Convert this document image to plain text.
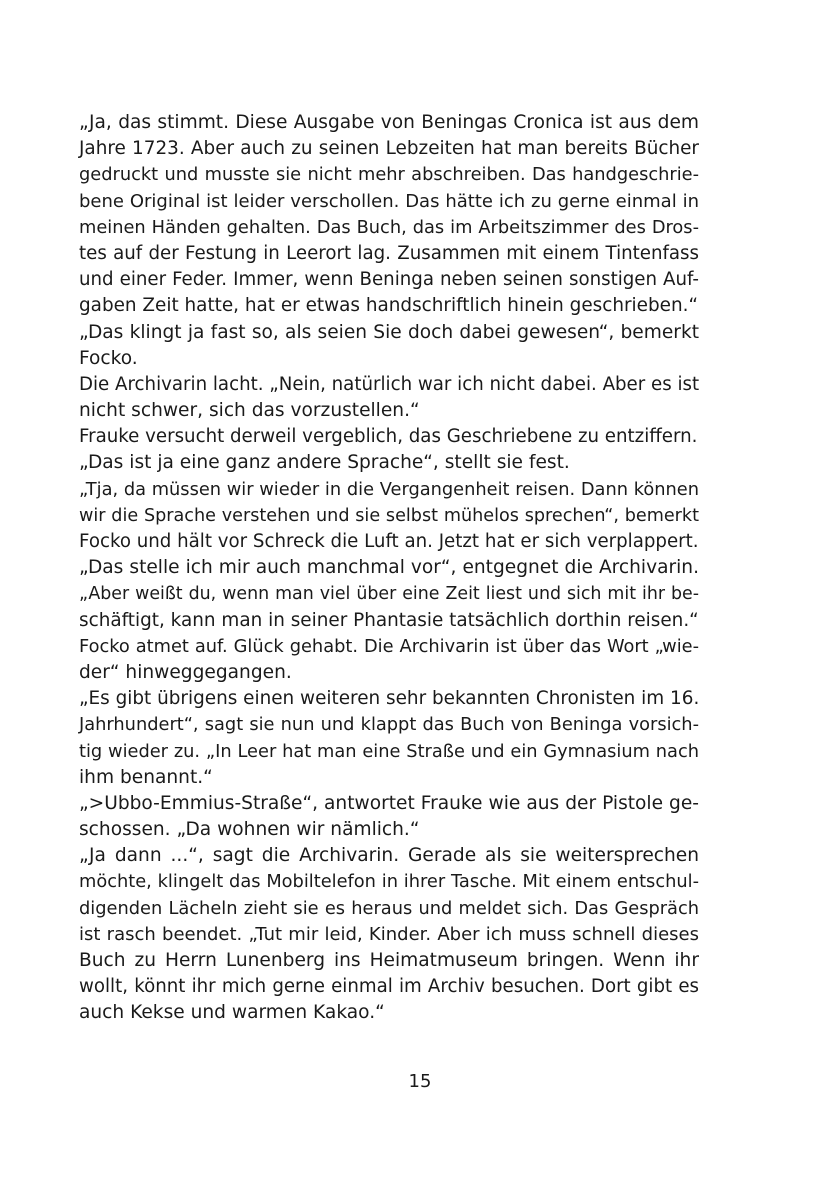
„Ja, das stimmt. Diese Ausgabe von Beningas Cronica ist aus dem
Jahre 1723. Aber auch zu seinen Lebzeiten hat man bereits Bücher
gedruckt und musste sie nicht mehr abschreiben. Das handgeschrie-
bene Original ist leider verschollen. Das hätte ich zu gerne einmal in
meinen Händen gehalten. Das Buch, das im Arbeitszimmer des Dros-
tes auf der Festung in Leerort lag. Zusammen mit einem Tintenfass
und einer Feder. Immer, wenn Beninga neben seinen sonstigen Auf-
gaben Zeit hatte, hat er etwas handschriftlich hinein geschrieben.“
„Das klingt ja fast so, als seien Sie doch dabei gewesen“, bemerkt
Focko.
Die Archivarin lacht. „Nein, natürlich war ich nicht dabei. Aber es ist
nicht schwer, sich das vorzustellen.“
Frauke versucht derweil vergeblich, das Geschriebene zu entziffern.
„Das ist ja eine ganz andere Sprache“, stellt sie fest.
„Tja, da müssen wir wieder in die Vergangenheit reisen. Dann können
wir die Sprache verstehen und sie selbst mühelos sprechen“, bemerkt
Focko und hält vor Schreck die Luft an. Jetzt hat er sich verplappert.
„Das stelle ich mir auch manchmal vor“, entgegnet die Archivarin.
„Aber weißt du, wenn man viel über eine Zeit liest und sich mit ihr be-
schäftigt, kann man in seiner Phantasie tatsächlich dorthin reisen.“
Focko atmet auf. Glück gehabt. Die Archivarin ist über das Wort „wie-
der“ hinweggegangen.
„Es gibt übrigens einen weiteren sehr bekannten Chronisten im 16.
Jahrhundert“, sagt sie nun und klappt das Buch von Beninga vorsich-
tig wieder zu. „In Leer hat man eine Straße und ein Gymnasium nach
ihm benannt.“
„>Ubbo-Emmius-Straße“, antwortet Frauke wie aus der Pistole ge-
schossen. „Da wohnen wir nämlich.“
„Ja dann ...“, sagt die Archivarin. Gerade als sie weitersprechen
möchte, klingelt das Mobiltelefon in ihrer Tasche. Mit einem entschul-
digenden Lächeln zieht sie es heraus und meldet sich. Das Gespräch
ist rasch beendet. „Tut mir leid, Kinder. Aber ich muss schnell dieses
Buch zu Herrn Lunenberg ins Heimatmuseum bringen. Wenn ihr
wollt, könnt ihr mich gerne einmal im Archiv besuchen. Dort gibt es
auch Kekse und warmen Kakao.“
15
